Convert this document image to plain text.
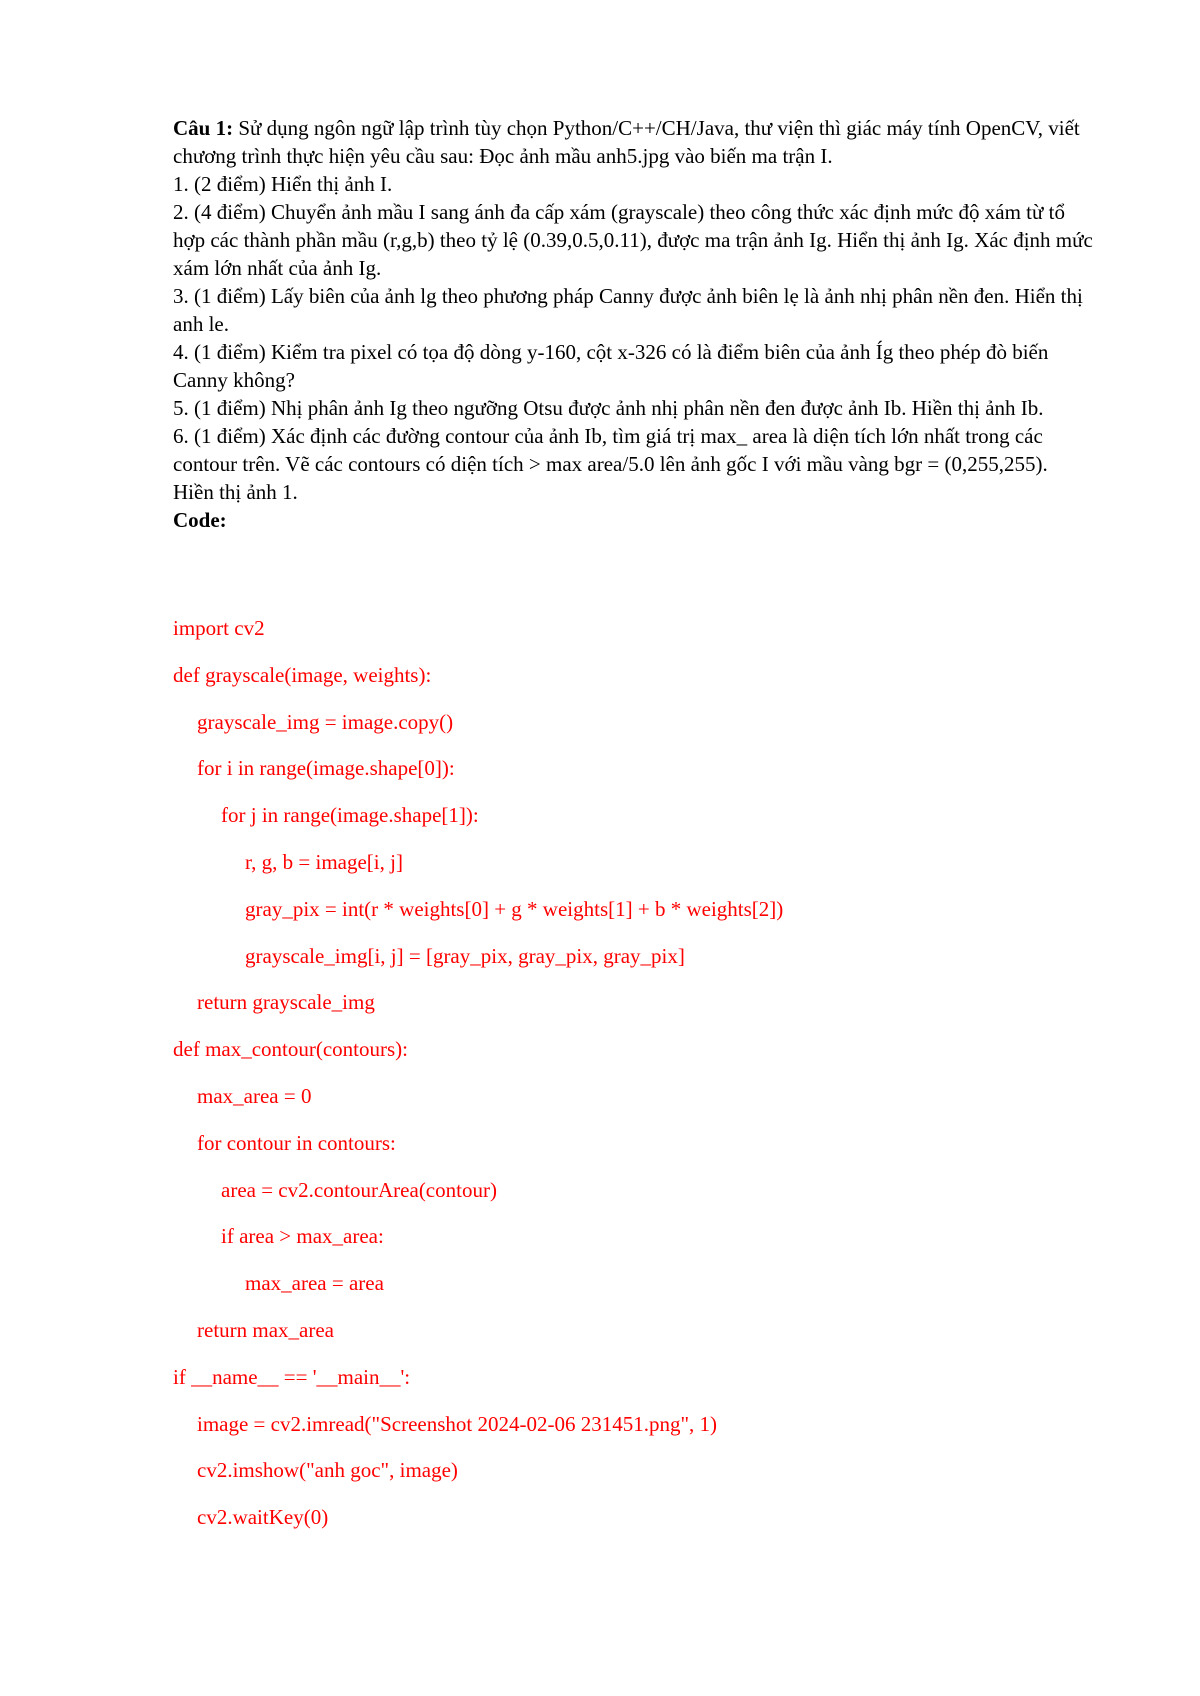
Câu 1: Sử dụng ngôn ngữ lập trình tùy chọn Python/C++/CH/Java, thư viện thì giác máy tính OpenCV, viết chương trình thực hiện yêu cầu sau: Đọc ảnh mầu anh5.jpg vào biến ma trận I.

1. (2 điểm) Hiển thị ảnh I.

2. (4 điểm) Chuyển ảnh mầu I sang ánh đa cấp xám (grayscale) theo công thức xác định mức độ xám từ tổ hợp các thành phần mầu (r,g,b) theo tỷ lệ (0.39,0.5,0.11), được ma trận ảnh Ig. Hiển thị ảnh Ig. Xác định mức xám lớn nhất của ảnh Ig.

3. (1 điểm) Lấy biên của ảnh lg theo phương pháp Canny được ảnh biên lẹ là ảnh nhị phân nền đen. Hiển thị anh le.

4. (1 điểm) Kiểm tra pixel có tọa độ dòng y-160, cột x-326 có là điểm biên của ảnh Íg theo phép đò biến Canny không?

5. (1 điểm) Nhị phân ảnh Ig theo ngưỡng Otsu được ảnh nhị phân nền đen được ảnh Ib. Hiền thị ảnh Ib.

6. (1 điểm) Xác định các đường contour của ảnh Ib, tìm giá trị max_ area là diện tích lớn nhất trong các contour trên. Vẽ các contours có diện tích > max area/5.0 lên ảnh gốc I với mầu vàng bgr = (0,255,255).

Hiền thị ảnh 1.

Code:

import cv2
def grayscale(image, weights):
grayscale_img = image.copy()
for i in range(image.shape[0]):
for j in range(image.shape[1]):
r, g, b = image[i, j]
gray_pix = int(r * weights[0] + g * weights[1] + b * weights[2])
grayscale_img[i, j] = [gray_pix, gray_pix, gray_pix]
return grayscale_img
def max_contour(contours):
max_area = 0
for contour in contours:
area = cv2.contourArea(contour)
if area > max_area:
max_area = area
return max_area
if __name__ == '__main__':
image = cv2.imread("Screenshot 2024-02-06 231451.png", 1)
cv2.imshow("anh goc", image)
cv2.waitKey(0)
